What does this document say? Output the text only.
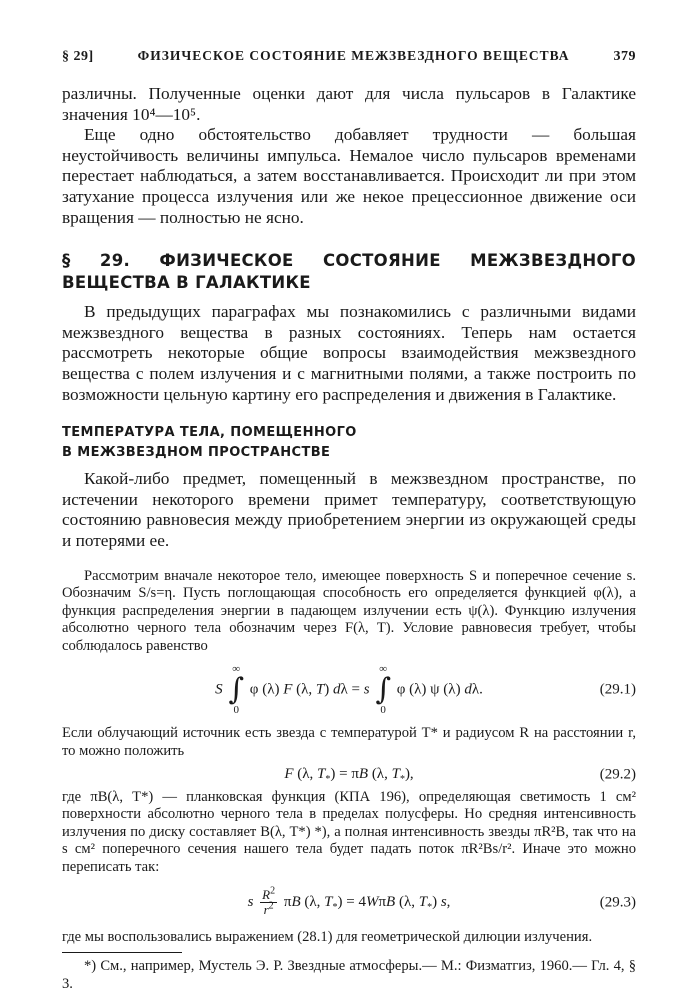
§ 29]	ФИЗИЧЕСКОЕ СОСТОЯНИЕ МЕЖЗВЕЗДНОГО ВЕЩЕСТВА	379

различны. Полученные оценки дают для числа пульсаров в Галактике значения 10⁴—10⁵.

Еще одно обстоятельство добавляет трудности — большая неустойчивость величины импульса. Немалое число пульсаров временами перестает наблюдаться, а затем восстанавливается. Происходит ли при этом затухание процесса излучения или же некое прецессионное движение оси вращения — полностью не ясно.

§ 29. ФИЗИЧЕСКОЕ СОСТОЯНИЕ МЕЖЗВЕЗДНОГО ВЕЩЕСТВА В ГАЛАКТИКЕ

В предыдущих параграфах мы познакомились с различными видами межзвездного вещества в разных состояниях. Теперь нам остается рассмотреть некоторые общие вопросы взаимодействия межзвездного вещества с полем излучения и с магнитными полями, а также построить по возможности цельную картину его распределения и движения в Галактике.

ТЕМПЕРАТУРА ТЕЛА, ПОМЕЩЕННОГО
В МЕЖЗВЕЗДНОМ ПРОСТРАНСТВЕ

Какой-либо предмет, помещенный в межзвездном пространстве, по истечении некоторого времени примет температуру, соответствующую состоянию равновесия между приобретением энергии из окружающей среды и потерями ее.

Рассмотрим вначале некоторое тело, имеющее поверхность S и поперечное сечение s. Обозначим S/s=η. Пусть поглощающая способность его определяется функцией φ(λ), а функция распределения энергии в падающем излучении есть ψ(λ). Функцию излучения абсолютно черного тела обозначим через F(λ, T). Условие равновесия требует, чтобы соблюдалось равенство

S
∞
∫
0
φ (λ) F (λ, T) dλ = s
∞
∫
0
φ (λ) ψ (λ) dλ.	(29.1)

Если облучающий источник есть звезда с температурой T* и радиусом R на расстоянии r, то можно положить

F (λ, $T_*) = \pi B$ (λ, $T_*$),	(29.2)

где πB(λ, T*) — планковская функция (КПА 196), определяющая светимость 1 см² поверхности абсолютно черного тела в пределах полусферы. Но средняя интенсивность излучения по диску составляет B(λ, T*) *), а полная интенсивность звезды πR²B, так что на s см² поперечного сечения нашего тела будет падать поток πR²Bs/r². Иначе это можно переписать так:

s $\frac{R^2}{r^2}$ πB (λ, $T_*) = 4W\pi B$ (λ, $T_*$) s,	(29.3)

где мы воспользовались выражением (28.1) для геометрической дилюции излучения.

*) См., например, Мустель Э. Р. Звездные атмосферы.— М.: Физматгиз, 1960.— Гл. 4, § 3.
